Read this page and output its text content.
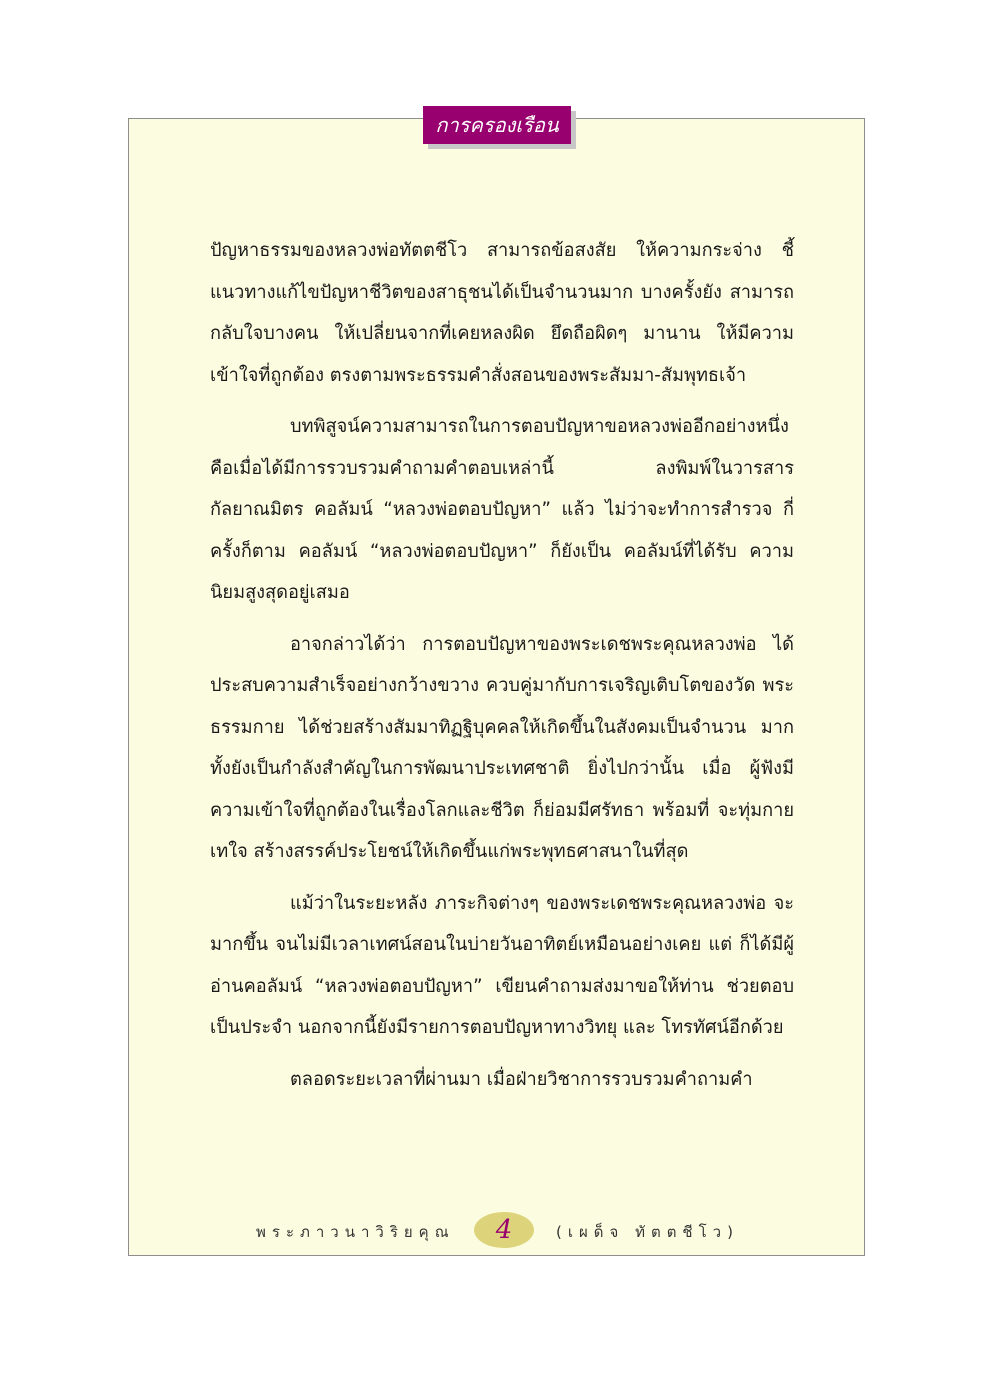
การครองเรือน

ปัญหาธรรมของหลวงพ่อทัตตชีโว สามารถข้อสงสัย ให้ความกระจ่าง ชี้แนวทางแก้ไขปัญหาชีวิตของสาธุชนได้เป็นจำนวนมาก บางครั้งยัง สามารถกลับใจบางคน ให้เปลี่ยนจากที่เคยหลงผิด ยึดถือผิดๆ มานาน ให้มีความเข้าใจที่ถูกต้อง ตรงตามพระธรรมคำสั่งสอนของพระสัมมา-สัมพุทธเจ้า

บทพิสูจน์ความสามารถในการตอบปัญหาขอหลวงพ่ออีกอย่างหนึ่ง คือเมื่อได้มีการรวบรวมคำถามคำตอบเหล่านี้ ลงพิมพ์ในวารสาร กัลยาณมิตร คอลัมน์ “หลวงพ่อตอบปัญหา” แล้ว ไม่ว่าจะทำการสำรวจ กี่ครั้งก็ตาม คอลัมน์ “หลวงพ่อตอบปัญหา” ก็ยังเป็น คอลัมน์ที่ได้รับ ความนิยมสูงสุดอยู่เสมอ

อาจกล่าวได้ว่า การตอบปัญหาของพระเดชพระคุณหลวงพ่อ ได้ประสบความสำเร็จอย่างกว้างขวาง ควบคู่มากับการเจริญเติบโตของวัด พระธรรมกาย ได้ช่วยสร้างสัมมาทิฏฐิบุคคลให้เกิดขึ้นในสังคมเป็นจำนวน มาก ทั้งยังเป็นกำลังสำคัญในการพัฒนาประเทศชาติ ยิ่งไปกว่านั้น เมื่อ ผู้ฟังมีความเข้าใจที่ถูกต้องในเรื่องโลกและชีวิต ก็ย่อมมีศรัทธา พร้อมที่ จะทุ่มกายเทใจ สร้างสรรค์ประโยชน์ให้เกิดขึ้นแก่พระพุทธศาสนาในที่สุด

แม้ว่าในระยะหลัง ภาระกิจต่างๆ ของพระเดชพระคุณหลวงพ่อ จะมากขึ้น จนไม่มีเวลาเทศน์สอนในบ่ายวันอาทิตย์เหมือนอย่างเคย แต่ ก็ได้มีผู้อ่านคอลัมน์ “หลวงพ่อตอบปัญหา” เขียนคำถามส่งมาขอให้ท่าน ช่วยตอบเป็นประจำ นอกจากนี้ยังมีรายการตอบปัญหาทางวิทยุ และ โทรทัศน์อีกด้วย

ตลอดระยะเวลาที่ผ่านมา เมื่อฝ่ายวิชาการรวบรวมคำถามคำ

พระภาวนาวิริยคุณ 4	(เผด็จ ทัตตชีโว)
